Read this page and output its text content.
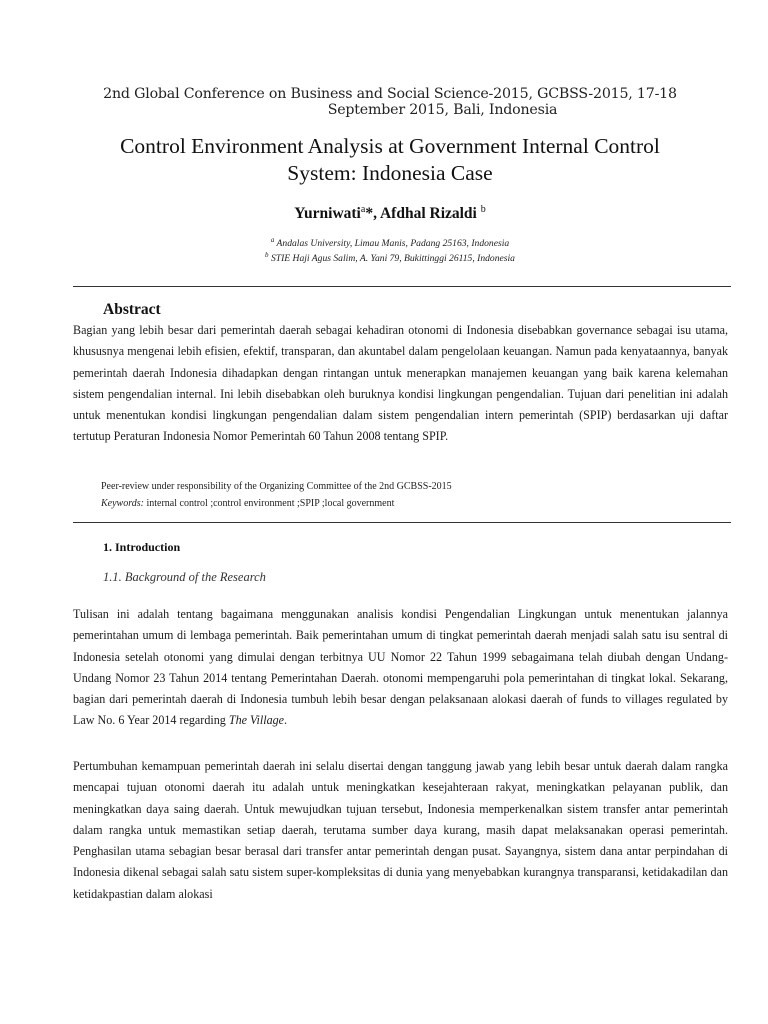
2nd Global Conference on Business and Social Science-2015, GCBSS-2015, 17-18
September 2015, Bali, Indonesia
Control Environment Analysis at Government Internal Control
System: Indonesia Case
Yurniwati$^a$*, Afdhal Rizaldi $^b$
$^a$ Andalas University, Limau Manis, Padang 25163, Indonesia
$^b$ STIE Haji Agus Salim, A. Yani 79, Bukittinggi 26115, Indonesia
Abstract
Bagian yang lebih besar dari pemerintah daerah sebagai kehadiran otonomi di Indonesia disebabkan governance sebagai isu utama, khususnya mengenai lebih efisien, efektif, transparan, dan akuntabel dalam pengelolaan keuangan. Namun pada kenyataannya, banyak pemerintah daerah Indonesia dihadapkan dengan rintangan untuk menerapkan manajemen keuangan yang baik karena kelemahan sistem pengendalian internal. Ini lebih disebabkan oleh buruknya kondisi lingkungan pengendalian. Tujuan dari penelitian ini adalah untuk menentukan kondisi lingkungan pengendalian dalam sistem pengendalian intern pemerintah (SPIP) berdasarkan uji daftar tertutup Peraturan Indonesia Nomor Pemerintah 60 Tahun 2008 tentang SPIP.
Peer-review under responsibility of the Organizing Committee of the 2nd GCBSS-2015
Keywords: internal control ;control environment ;SPIP ;local government
1. Introduction
1.1. Background of the Research
Tulisan ini adalah tentang bagaimana menggunakan analisis kondisi Pengendalian Lingkungan untuk menentukan jalannya pemerintahan umum di lembaga pemerintah. Baik pemerintahan umum di tingkat pemerintah daerah menjadi salah satu isu sentral di Indonesia setelah otonomi yang dimulai dengan terbitnya UU Nomor 22 Tahun 1999 sebagaimana telah diubah dengan Undang-Undang Nomor 23 Tahun 2014 tentang Pemerintahan Daerah. otonomi mempengaruhi pola pemerintahan di tingkat lokal. Sekarang, bagian dari pemerintah daerah di Indonesia tumbuh lebih besar dengan pelaksanaan alokasi daerah of funds to villages regulated by Law No. 6 Year 2014 regarding The Village.
Pertumbuhan kemampuan pemerintah daerah ini selalu disertai dengan tanggung jawab yang lebih besar untuk daerah dalam rangka mencapai tujuan otonomi daerah itu adalah untuk meningkatkan kesejahteraan rakyat, meningkatkan pelayanan publik, dan meningkatkan daya saing daerah. Untuk mewujudkan tujuan tersebut, Indonesia memperkenalkan sistem transfer antar pemerintah dalam rangka untuk memastikan setiap daerah, terutama sumber daya kurang, masih dapat melaksanakan operasi pemerintah. Penghasilan utama sebagian besar berasal dari transfer antar pemerintah dengan pusat. Sayangnya, sistem dana antar perpindahan di Indonesia dikenal sebagai salah satu sistem super-kompleksitas di dunia yang menyebabkan kurangnya transparansi, ketidakadilan dan ketidakpastian dalam alokasi
